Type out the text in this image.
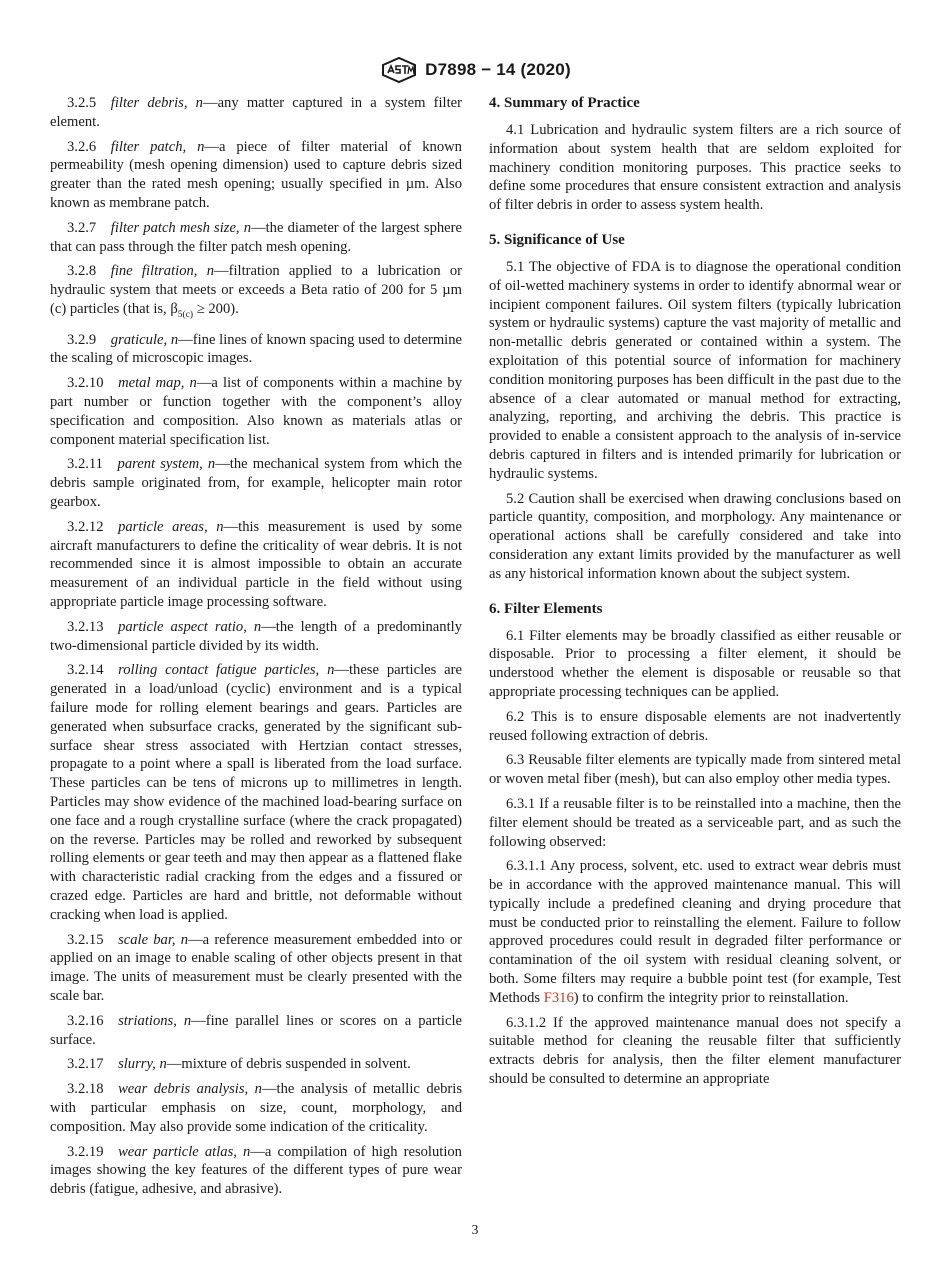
D7898 − 14 (2020)

3.2.5  filter debris, n—any matter captured in a system filter element.

3.2.6  filter patch, n—a piece of filter material of known permeability (mesh opening dimension) used to capture debris sized greater than the rated mesh opening; usually specified in µm. Also known as membrane patch.

3.2.7  filter patch mesh size, n—the diameter of the largest sphere that can pass through the filter patch mesh opening.

3.2.8  fine filtration, n—filtration applied to a lubrication or hydraulic system that meets or exceeds a Beta ratio of 200 for 5 µm (c) particles (that is, $\beta_{5(c)} \ge 200$).

3.2.9  graticule, n—fine lines of known spacing used to determine the scaling of microscopic images.

3.2.10  metal map, n—a list of components within a machine by part number or function together with the component’s alloy specification and composition. Also known as materials atlas or component material specification list.

3.2.11  parent system, n—the mechanical system from which the debris sample originated from, for example, helicopter main rotor gearbox.

3.2.12  particle areas, n—this measurement is used by some aircraft manufacturers to define the criticality of wear debris. It is not recommended since it is almost impossible to obtain an accurate measurement of an individual particle in the field without using appropriate particle image processing software.

3.2.13  particle aspect ratio, n—the length of a predominantly two-dimensional particle divided by its width.

3.2.14  rolling contact fatigue particles, n—these particles are generated in a load/unload (cyclic) environment and is a typical failure mode for rolling element bearings and gears. Particles are generated when subsurface cracks, generated by the significant sub-surface shear stress associated with Hertzian contact stresses, propagate to a point where a spall is liberated from the load surface. These particles can be tens of microns up to millimetres in length. Particles may show evidence of the machined load-bearing surface on one face and a rough crystalline surface (where the crack propagated) on the reverse. Particles may be rolled and reworked by subsequent rolling elements or gear teeth and may then appear as a flattened flake with characteristic radial cracking from the edges and a fissured or crazed edge. Particles are hard and brittle, not deformable without cracking when load is applied.

3.2.15  scale bar, n—a reference measurement embedded into or applied on an image to enable scaling of other objects present in that image. The units of measurement must be clearly presented with the scale bar.

3.2.16  striations, n—fine parallel lines or scores on a particle surface.

3.2.17  slurry, n—mixture of debris suspended in solvent.

3.2.18  wear debris analysis, n—the analysis of metallic debris with particular emphasis on size, count, morphology, and composition. May also provide some indication of the criticality.

3.2.19  wear particle atlas, n—a compilation of high resolution images showing the key features of the different types of pure wear debris (fatigue, adhesive, and abrasive).

4. Summary of Practice

4.1 Lubrication and hydraulic system filters are a rich source of information about system health that are seldom exploited for machinery condition monitoring purposes. This practice seeks to define some procedures that ensure consistent extraction and analysis of filter debris in order to assess system health.

5. Significance of Use

5.1 The objective of FDA is to diagnose the operational condition of oil-wetted machinery systems in order to identify abnormal wear or incipient component failures. Oil system filters (typically lubrication system or hydraulic systems) capture the vast majority of metallic and non-metallic debris generated or contained within a system. The exploitation of this potential source of information for machinery condition monitoring purposes has been difficult in the past due to the absence of a clear automated or manual method for extracting, analyzing, reporting, and archiving the debris. This practice is provided to enable a consistent approach to the analysis of in-service debris captured in filters and is intended primarily for lubrication or hydraulic systems.

5.2 Caution shall be exercised when drawing conclusions based on particle quantity, composition, and morphology. Any maintenance or operational actions shall be carefully considered and take into consideration any extant limits provided by the manufacturer as well as any historical information known about the subject system.

6. Filter Elements

6.1 Filter elements may be broadly classified as either reusable or disposable. Prior to processing a filter element, it should be understood whether the element is disposable or reusable so that appropriate processing techniques can be applied.

6.2 This is to ensure disposable elements are not inadvertently reused following extraction of debris.

6.3 Reusable filter elements are typically made from sintered metal or woven metal fiber (mesh), but can also employ other media types.

6.3.1 If a reusable filter is to be reinstalled into a machine, then the filter element should be treated as a serviceable part, and as such the following observed:

6.3.1.1 Any process, solvent, etc. used to extract wear debris must be in accordance with the approved maintenance manual. This will typically include a predefined cleaning and drying procedure that must be conducted prior to reinstalling the element. Failure to follow approved procedures could result in degraded filter performance or contamination of the oil system with residual cleaning solvent, or both. Some filters may require a bubble point test (for example, Test Methods F316) to confirm the integrity prior to reinstallation.

6.3.1.2 If the approved maintenance manual does not specify a suitable method for cleaning the reusable filter that sufficiently extracts debris for analysis, then the filter element manufacturer should be consulted to determine an appropriate

3
